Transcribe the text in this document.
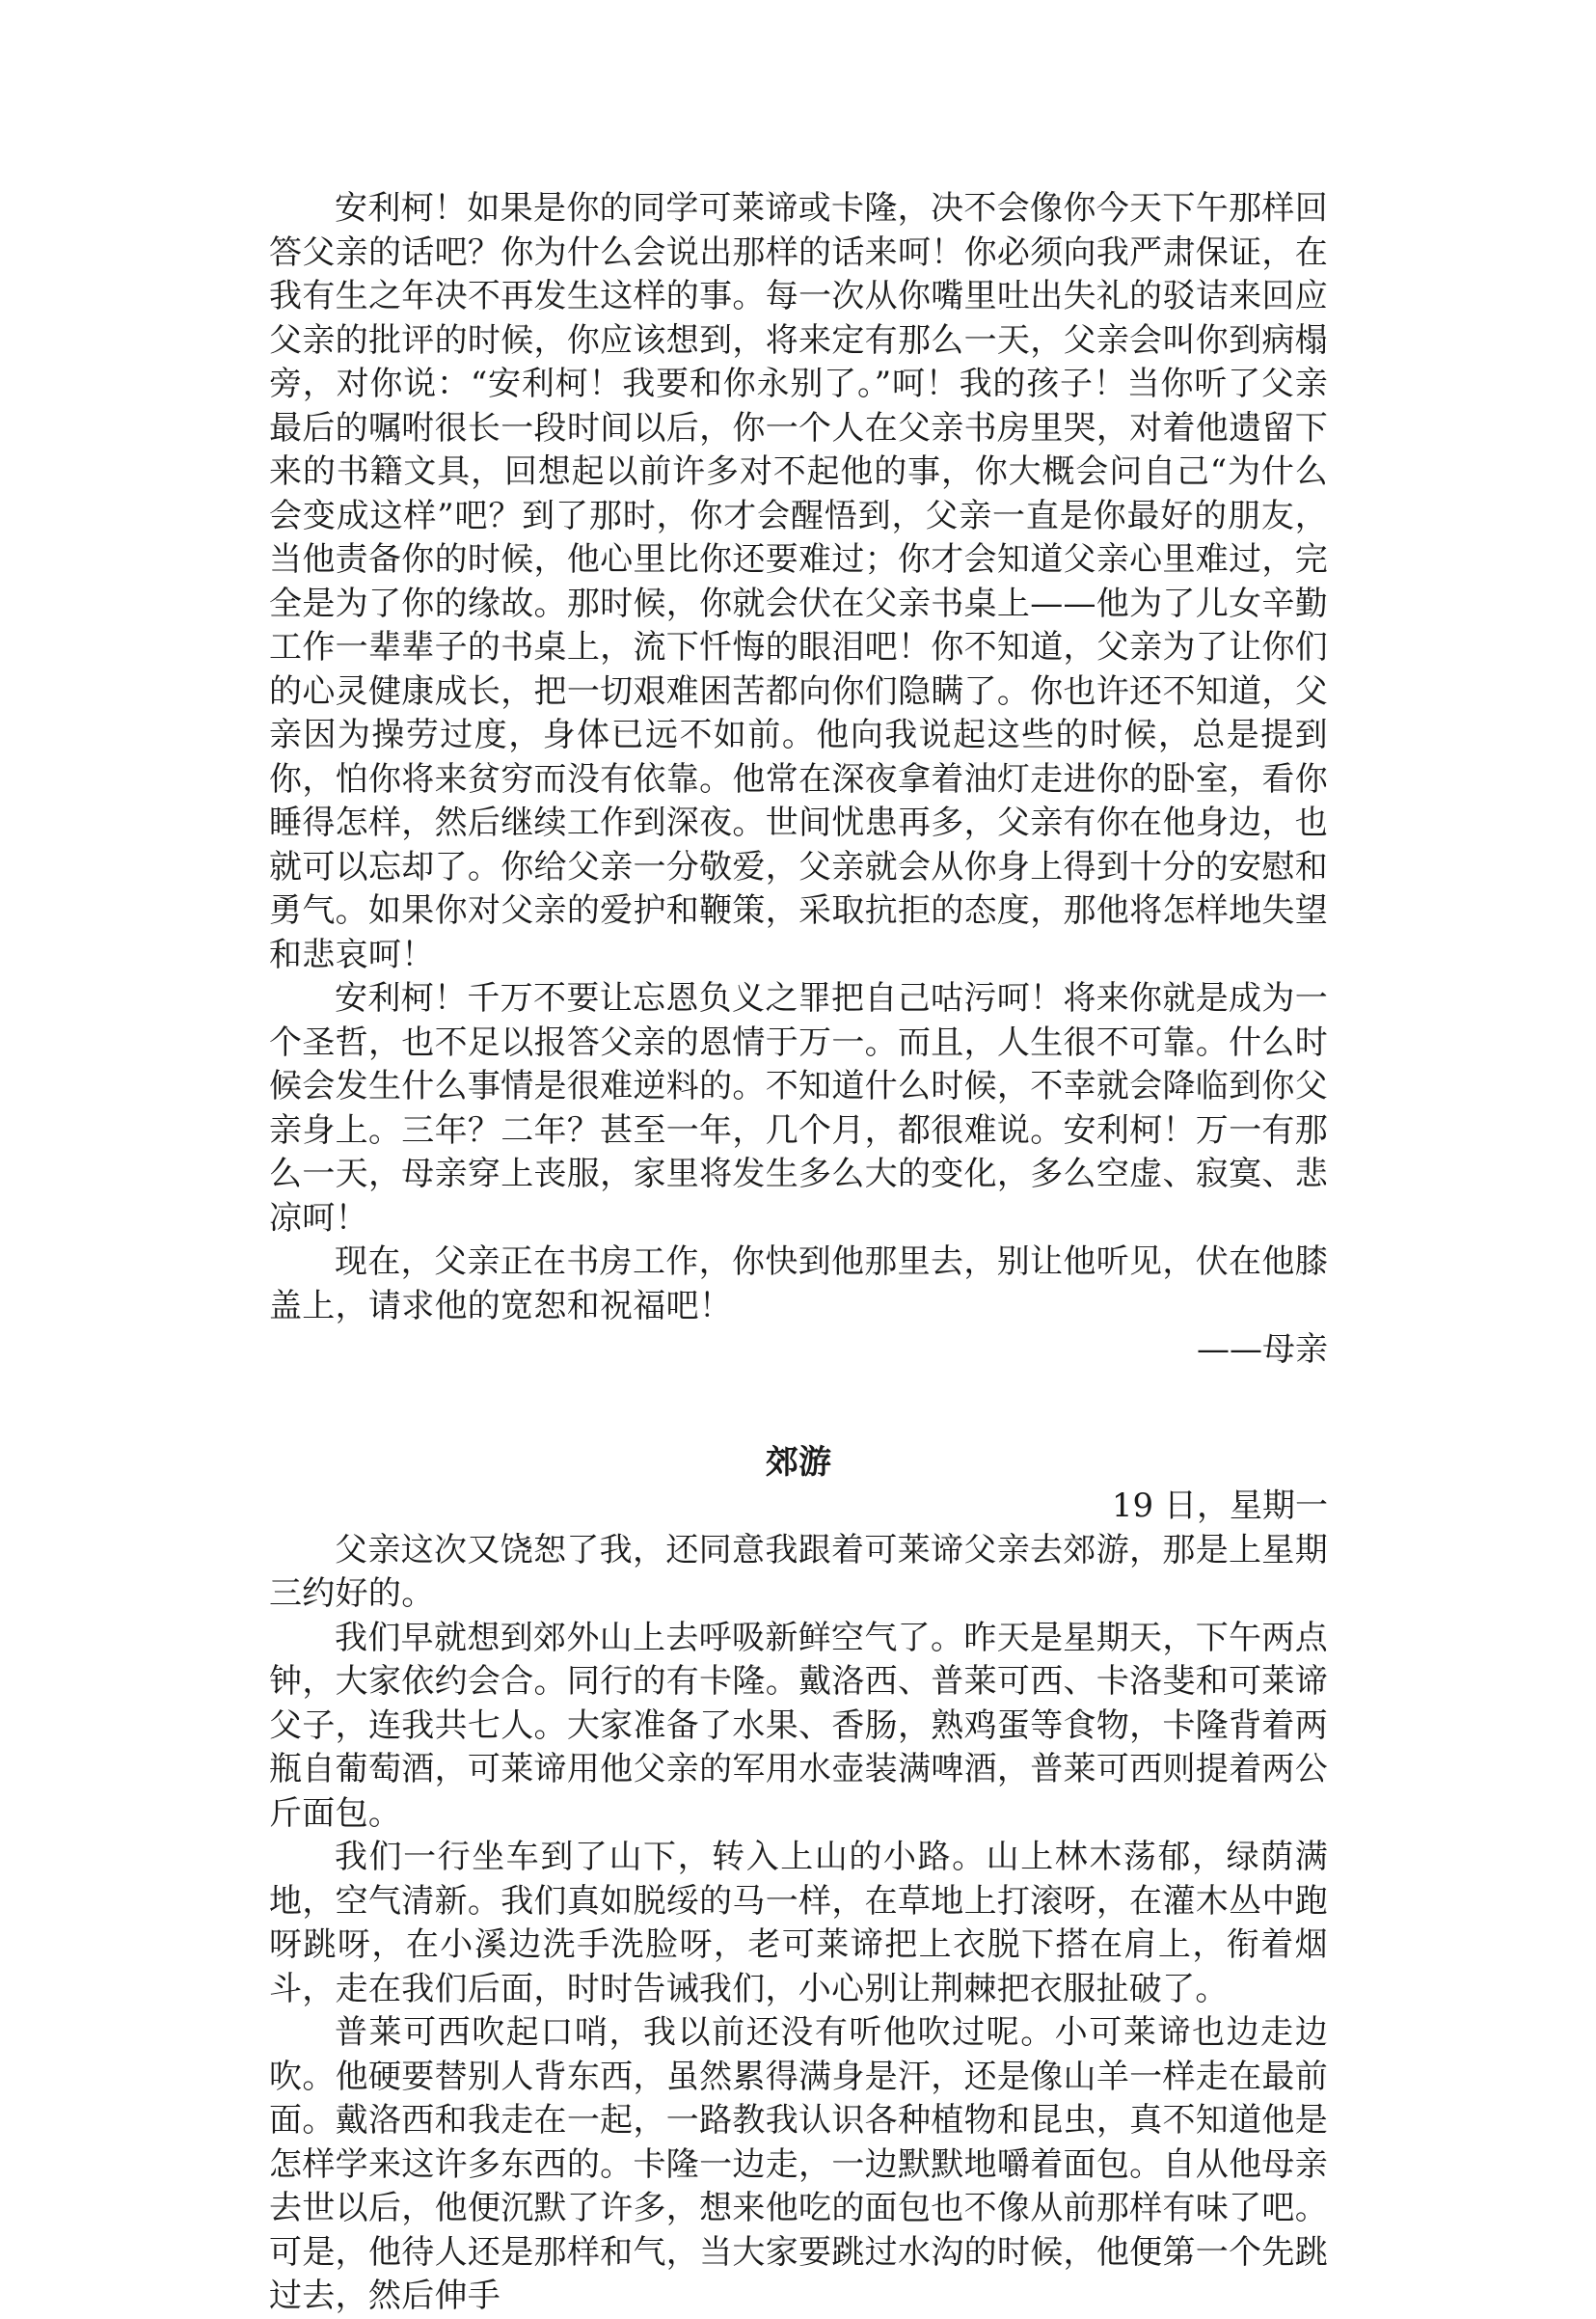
安利柯！如果是你的同学可莱谛或卡隆，决不会像你今天下午那样回答父亲的话吧？你为什么会说出那样的话来呵！你必须向我严肃保证，在我有生之年决不再发生这样的事。每一次从你嘴里吐出失礼的驳诘来回应父亲的批评的时候，你应该想到，将来定有那么一天，父亲会叫你到病榻旁，对你说：“安利柯！我要和你永别了。”呵！我的孩子！当你听了父亲最后的嘱咐很长一段时间以后，你一个人在父亲书房里哭，对着他遗留下来的书籍文具，回想起以前许多对不起他的事，你大概会问自己“为什么会变成这样”吧？到了那时，你才会醒悟到，父亲一直是你最好的朋友，当他责备你的时候，他心里比你还要难过；你才会知道父亲心里难过，完全是为了你的缘故。那时候，你就会伏在父亲书桌上——他为了儿女辛勤工作一辈辈子的书桌上，流下忏悔的眼泪吧！你不知道，父亲为了让你们的心灵健康成长，把一切艰难困苦都向你们隐瞒了。你也许还不知道，父亲因为操劳过度，身体已远不如前。他向我说起这些的时候，总是提到你，怕你将来贫穷而没有依靠。他常在深夜拿着油灯走进你的卧室，看你睡得怎样，然后继续工作到深夜。世间忧患再多，父亲有你在他身边，也就可以忘却了。你给父亲一分敬爱，父亲就会从你身上得到十分的安慰和勇气。如果你对父亲的爱护和鞭策，采取抗拒的态度，那他将怎样地失望和悲哀呵！

安利柯！千万不要让忘恩负义之罪把自己咕污呵！将来你就是成为一个圣哲，也不足以报答父亲的恩情于万一。而且，人生很不可靠。什么时候会发生什么事情是很难逆料的。不知道什么时候，不幸就会降临到你父亲身上。三年？二年？甚至一年，几个月，都很难说。安利柯！万一有那么一天，母亲穿上丧服，家里将发生多么大的变化，多么空虚、寂寞、悲凉呵！

现在，父亲正在书房工作，你快到他那里去，别让他听见，伏在他膝盖上，请求他的宽恕和祝福吧！

——母亲
郊游
19 日，星期一

父亲这次又饶恕了我，还同意我跟着可莱谛父亲去郊游，那是上星期三约好的。

我们早就想到郊外山上去呼吸新鲜空气了。昨天是星期天，下午两点钟，大家依约会合。同行的有卡隆。戴洛西、普莱可西、卡洛斐和可莱谛父子，连我共七人。大家准备了水果、香肠，熟鸡蛋等食物，卡隆背着两瓶自葡萄酒，可莱谛用他父亲的军用水壶装满啤酒，普莱可西则提着两公斤面包。

我们一行坐车到了山下，转入上山的小路。山上林木荡郁，绿荫满地，空气清新。我们真如脱绥的马一样，在草地上打滚呀，在灌木丛中跑呀跳呀，在小溪边洗手洗脸呀，老可莱谛把上衣脱下搭在肩上，衔着烟斗，走在我们后面，时时告诫我们，小心别让荆棘把衣服扯破了。

普莱可西吹起口哨，我以前还没有听他吹过呢。小可莱谛也边走边吹。他硬要替别人背东西，虽然累得满身是汗，还是像山羊一样走在最前面。戴洛西和我走在一起，一路教我认识各种植物和昆虫，真不知道他是怎样学来这许多东西的。卡隆一边走，一边默默地嚼着面包。自从他母亲去世以后，他便沉默了许多，想来他吃的面包也不像从前那样有味了吧。可是，他待人还是那样和气，当大家要跳过水沟的时候，他便第一个先跳过去，然后伸手
